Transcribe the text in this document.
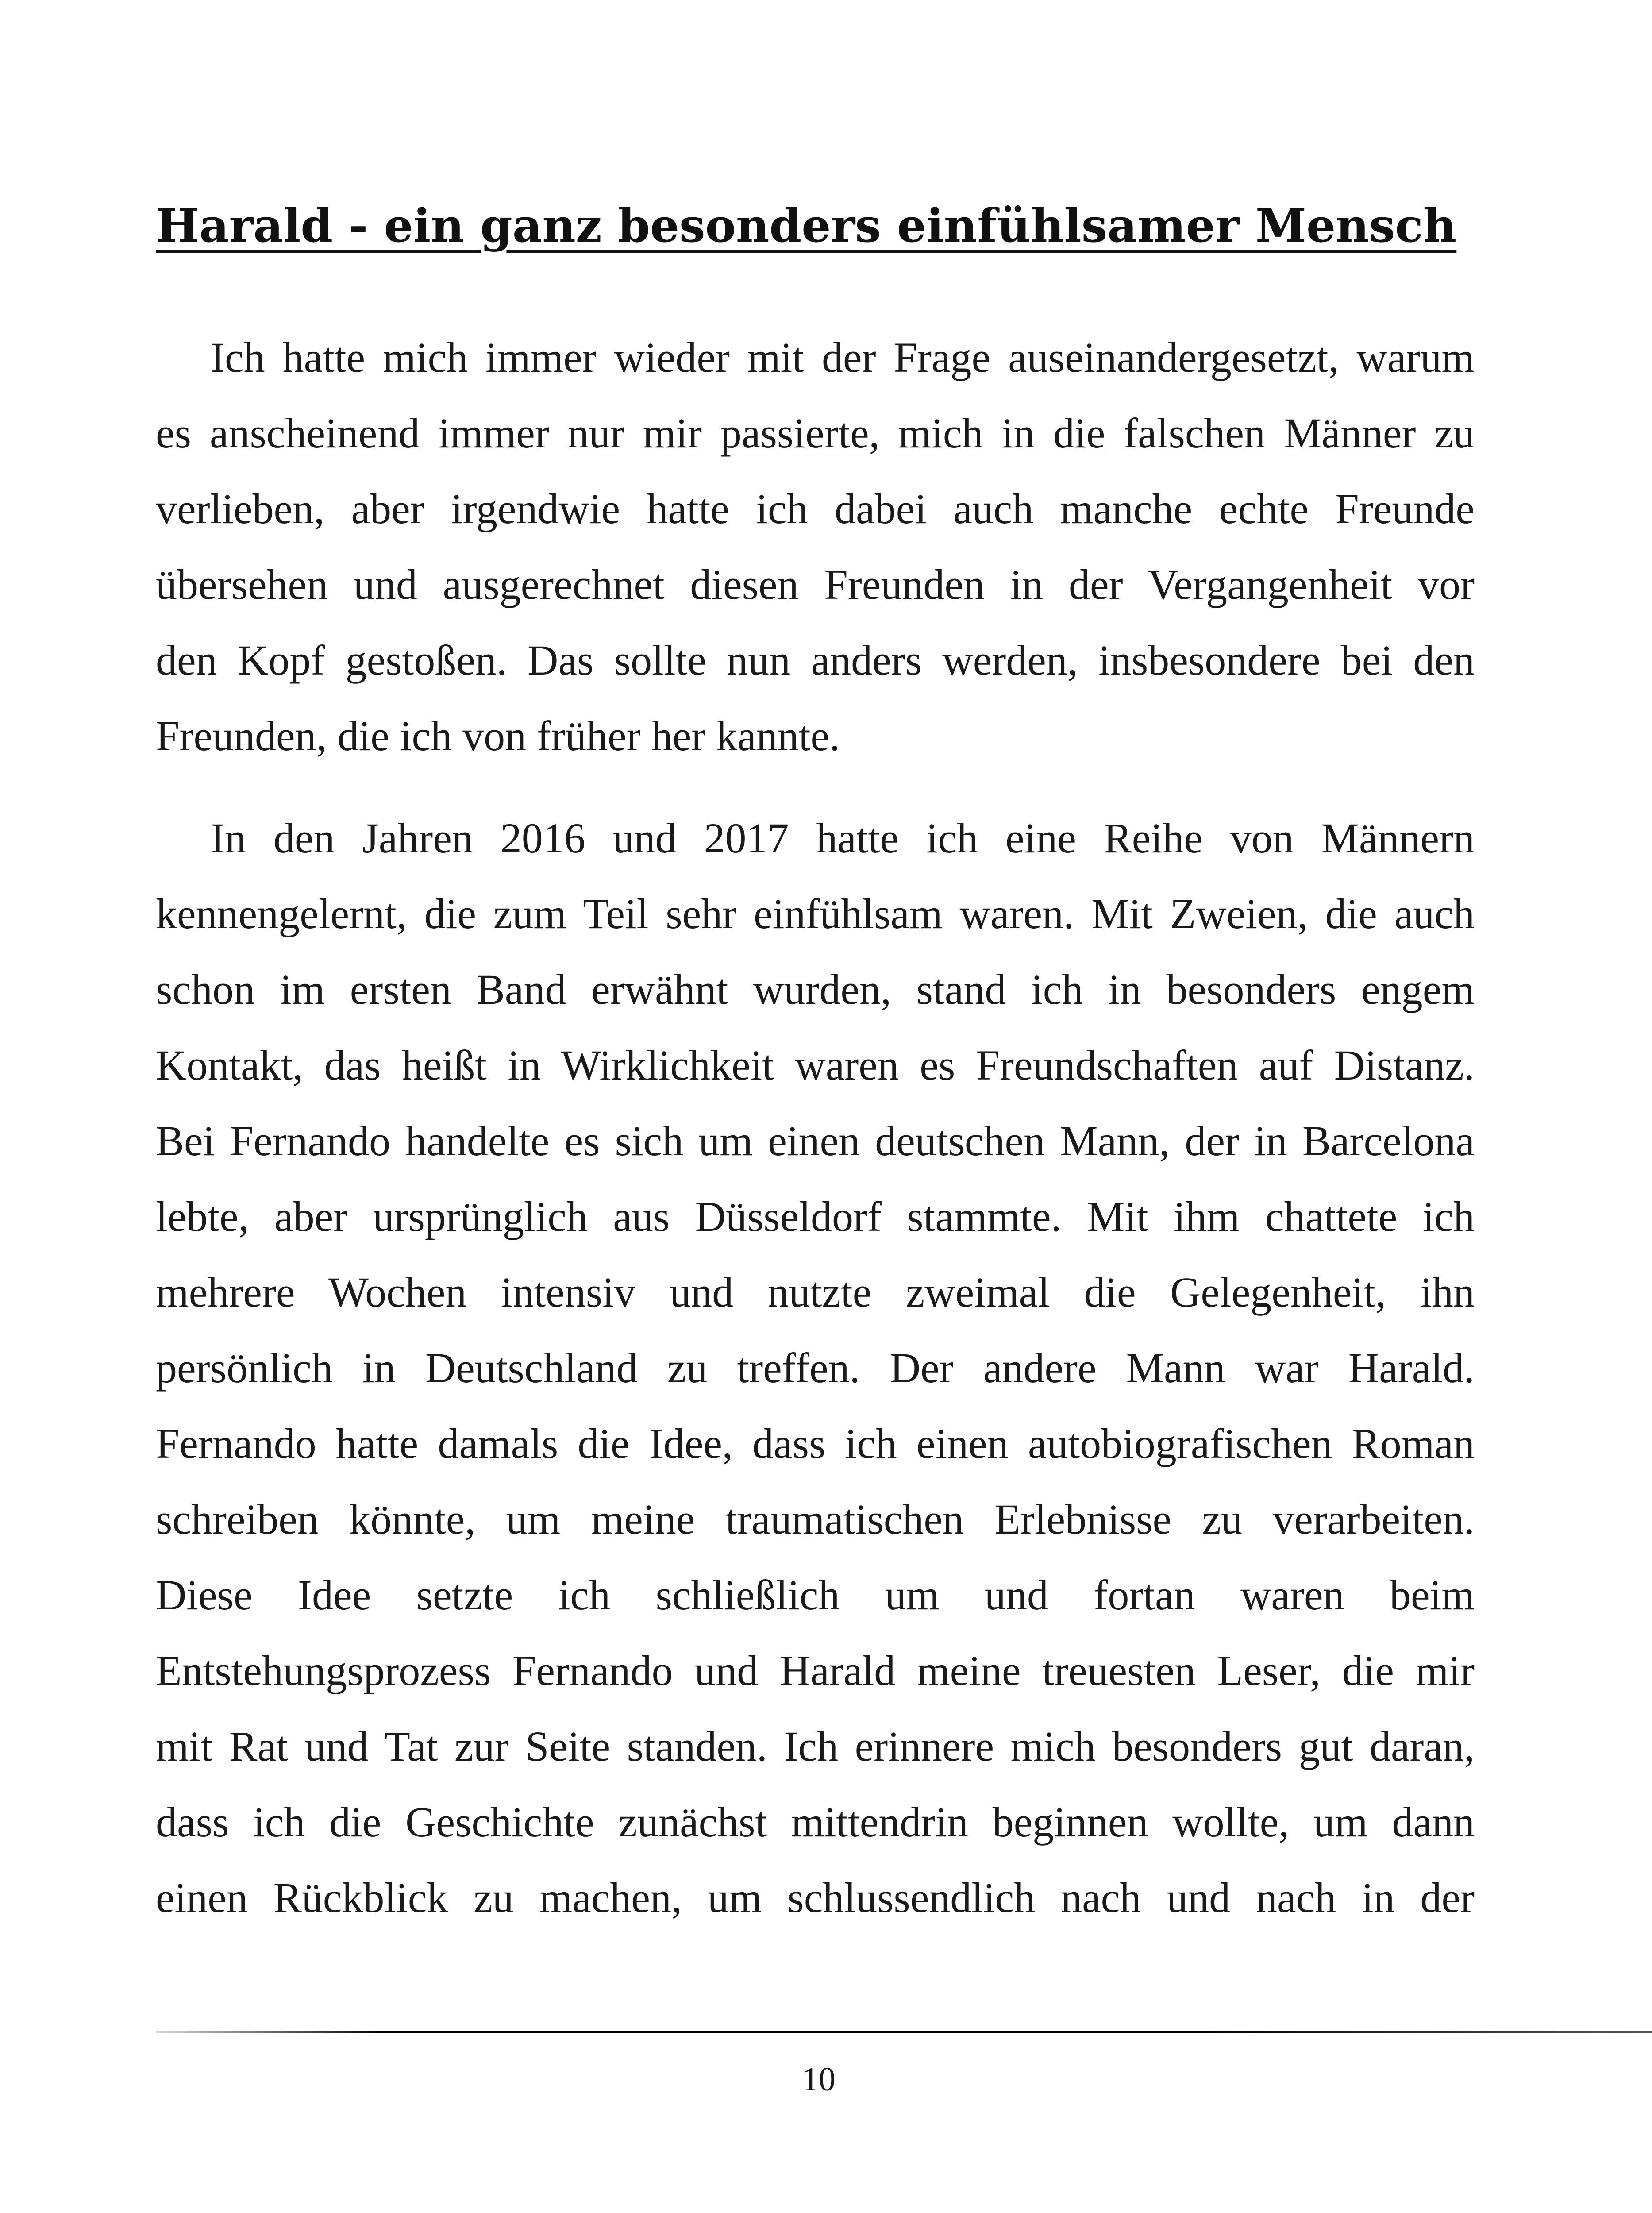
Harald - ein ganz besonders einfühlsamer Mensch
Ich hatte mich immer wieder mit der Frage auseinandergesetzt, warum
es anscheinend immer nur mir passierte, mich in die falschen Männer zu
verlieben, aber irgendwie hatte ich dabei auch manche echte Freunde
übersehen und ausgerechnet diesen Freunden in der Vergangenheit vor
den Kopf gestoßen. Das sollte nun anders werden, insbesondere bei den
Freunden, die ich von früher her kannte.
In den Jahren 2016 und 2017 hatte ich eine Reihe von Männern
kennengelernt, die zum Teil sehr einfühlsam waren. Mit Zweien, die auch
schon im ersten Band erwähnt wurden, stand ich in besonders engem
Kontakt, das heißt in Wirklichkeit waren es Freundschaften auf Distanz.
Bei Fernando handelte es sich um einen deutschen Mann, der in Barcelona
lebte, aber ursprünglich aus Düsseldorf stammte. Mit ihm chattete ich
mehrere Wochen intensiv und nutzte zweimal die Gelegenheit, ihn
persönlich in Deutschland zu treffen. Der andere Mann war Harald.
Fernando hatte damals die Idee, dass ich einen autobiografischen Roman
schreiben könnte, um meine traumatischen Erlebnisse zu verarbeiten.
Diese Idee setzte ich schließlich um und fortan waren beim
Entstehungsprozess Fernando und Harald meine treuesten Leser, die mir
mit Rat und Tat zur Seite standen. Ich erinnere mich besonders gut daran,
dass ich die Geschichte zunächst mittendrin beginnen wollte, um dann
einen Rückblick zu machen, um schlussendlich nach und nach in der
10
